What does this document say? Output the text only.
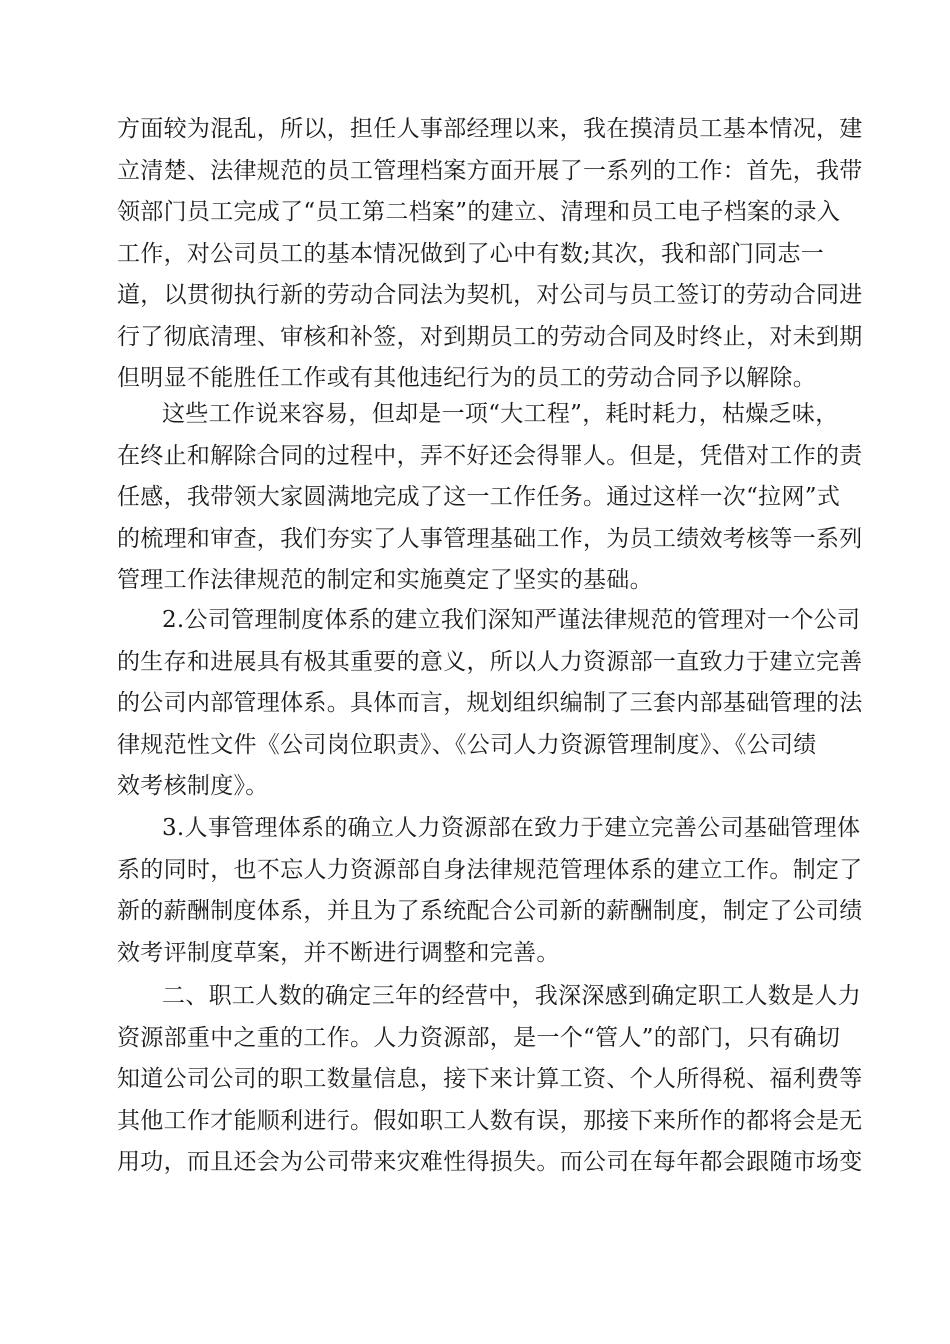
方面较为混乱，所以，担任人事部经理以来，我在摸清员工基本情况，建
立清楚、法律规范的员工管理档案方面开展了一系列的工作：首先，我带
领部门员工完成了“员工第二档案”的建立、清理和员工电子档案的录入
工作，对公司员工的基本情况做到了心中有数;其次，我和部门同志一
道，以贯彻执行新的劳动合同法为契机，对公司与员工签订的劳动合同进
行了彻底清理、审核和补签，对到期员工的劳动合同及时终止，对未到期
但明显不能胜任工作或有其他违纪行为的员工的劳动合同予以解除。
这些工作说来容易，但却是一项“大工程”，耗时耗力，枯燥乏味，
在终止和解除合同的过程中，弄不好还会得罪人。但是，凭借对工作的责
任感，我带领大家圆满地完成了这一工作任务。通过这样一次“拉网”式
的梳理和审查，我们夯实了人事管理基础工作，为员工绩效考核等一系列
管理工作法律规范的制定和实施奠定了坚实的基础。
2.公司管理制度体系的建立我们深知严谨法律规范的管理对一个公司
的生存和进展具有极其重要的意义，所以人力资源部一直致力于建立完善
的公司内部管理体系。具体而言，规划组织编制了三套内部基础管理的法
律规范性文件《公司岗位职责》、《公司人力资源管理制度》、《公司绩
效考核制度》。
3.人事管理体系的确立人力资源部在致力于建立完善公司基础管理体
系的同时，也不忘人力资源部自身法律规范管理体系的建立工作。制定了
新的薪酬制度体系，并且为了系统配合公司新的薪酬制度，制定了公司绩
效考评制度草案，并不断进行调整和完善。
二、职工人数的确定三年的经营中，我深深感到确定职工人数是人力
资源部重中之重的工作。人力资源部，是一个“管人”的部门，只有确切
知道公司公司的职工数量信息，接下来计算工资、个人所得税、福利费等
其他工作才能顺利进行。假如职工人数有误，那接下来所作的都将会是无
用功，而且还会为公司带来灾难性得损失。而公司在每年都会跟随市场变
